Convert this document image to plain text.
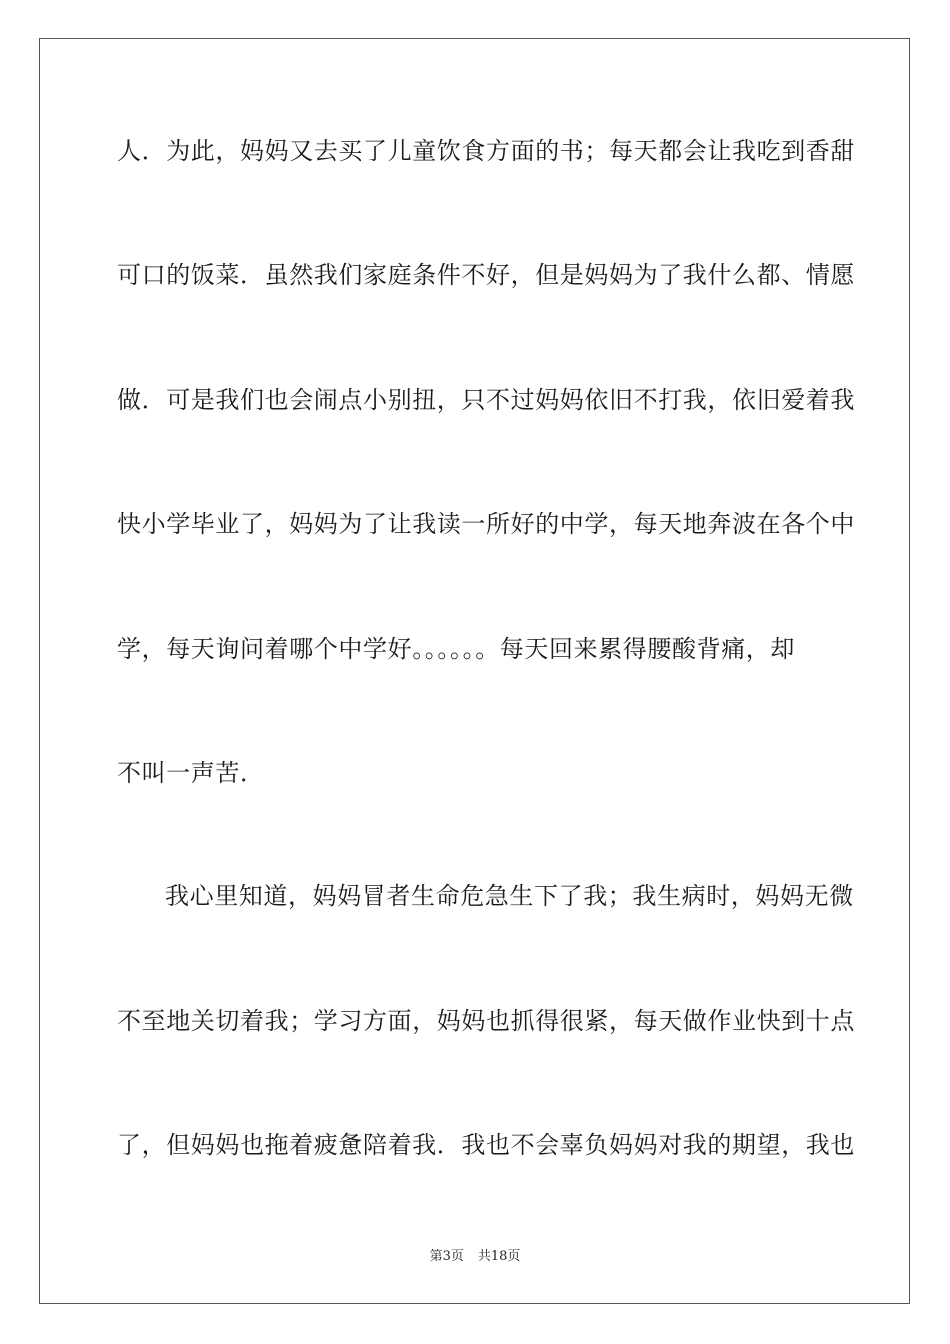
人．为此，妈妈又去买了儿童饮食方面的书；每天都会让我吃到香甜
可口的饭菜．虽然我们家庭条件不好，但是妈妈为了我什么都、情愿
做．可是我们也会闹点小别扭，只不过妈妈依旧不打我，依旧爱着我
快小学毕业了，妈妈为了让我读一所好的中学，每天地奔波在各个中
学，每天询问着哪个中学好。。。。。。每天回来累得腰酸背痛，却
不叫一声苦．
我心里知道，妈妈冒者生命危急生下了我；我生病时，妈妈无微
不至地关切着我；学习方面，妈妈也抓得很紧，每天做作业快到十点
了，但妈妈也拖着疲惫陪着我．我也不会辜负妈妈对我的期望，我也
第3页 共18页
